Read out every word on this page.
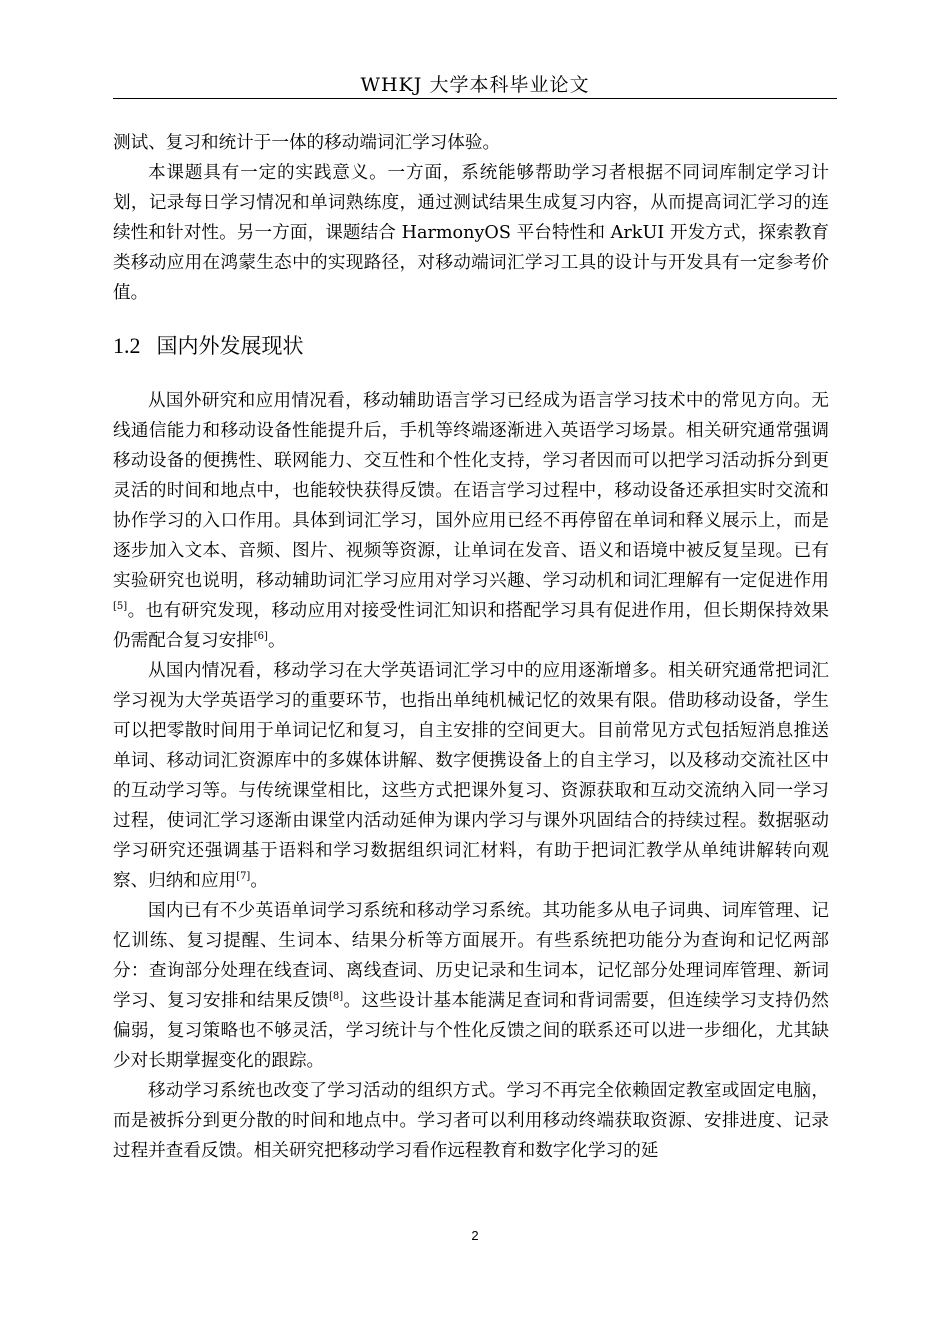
WHKJ 大学本科毕业论文

测试、复习和统计于一体的移动端词汇学习体验。

本课题具有一定的实践意义。一方面，系统能够帮助学习者根据不同词库制定学习计划，记录每日学习情况和单词熟练度，通过测试结果生成复习内容，从而提高词汇学习的连续性和针对性。另一方面，课题结合 HarmonyOS 平台特性和 ArkUI 开发方式，探索教育类移动应用在鸿蒙生态中的实现路径，对移动端词汇学习工具的设计与开发具有一定参考价值。

1.2 国内外发展现状

从国外研究和应用情况看，移动辅助语言学习已经成为语言学习技术中的常见方向。无线通信能力和移动设备性能提升后，手机等终端逐渐进入英语学习场景。相关研究通常强调移动设备的便携性、联网能力、交互性和个性化支持，学习者因而可以把学习活动拆分到更灵活的时间和地点中，也能较快获得反馈。在语言学习过程中，移动设备还承担实时交流和协作学习的入口作用。具体到词汇学习，国外应用已经不再停留在单词和释义展示上，而是逐步加入文本、音频、图片、视频等资源，让单词在发音、语义和语境中被反复呈现。已有实验研究也说明，移动辅助词汇学习应用对学习兴趣、学习动机和词汇理解有一定促进作用[5]。也有研究发现，移动应用对接受性词汇知识和搭配学习具有促进作用，但长期保持效果仍需配合复习安排[6]。

从国内情况看，移动学习在大学英语词汇学习中的应用逐渐增多。相关研究通常把词汇学习视为大学英语学习的重要环节，也指出单纯机械记忆的效果有限。借助移动设备，学生可以把零散时间用于单词记忆和复习，自主安排的空间更大。目前常见方式包括短消息推送单词、移动词汇资源库中的多媒体讲解、数字便携设备上的自主学习，以及移动交流社区中的互动学习等。与传统课堂相比，这些方式把课外复习、资源获取和互动交流纳入同一学习过程，使词汇学习逐渐由课堂内活动延伸为课内学习与课外巩固结合的持续过程。数据驱动学习研究还强调基于语料和学习数据组织词汇材料，有助于把词汇教学从单纯讲解转向观察、归纳和应用[7]。

国内已有不少英语单词学习系统和移动学习系统。其功能多从电子词典、词库管理、记忆训练、复习提醒、生词本、结果分析等方面展开。有些系统把功能分为查询和记忆两部分：查询部分处理在线查词、离线查词、历史记录和生词本，记忆部分处理词库管理、新词学习、复习安排和结果反馈[8]。这些设计基本能满足查词和背词需要，但连续学习支持仍然偏弱，复习策略也不够灵活，学习统计与个性化反馈之间的联系还可以进一步细化，尤其缺少对长期掌握变化的跟踪。

移动学习系统也改变了学习活动的组织方式。学习不再完全依赖固定教室或固定电脑，而是被拆分到更分散的时间和地点中。学习者可以利用移动终端获取资源、安排进度、记录过程并查看反馈。相关研究把移动学习看作远程教育和数字化学习的延

2
